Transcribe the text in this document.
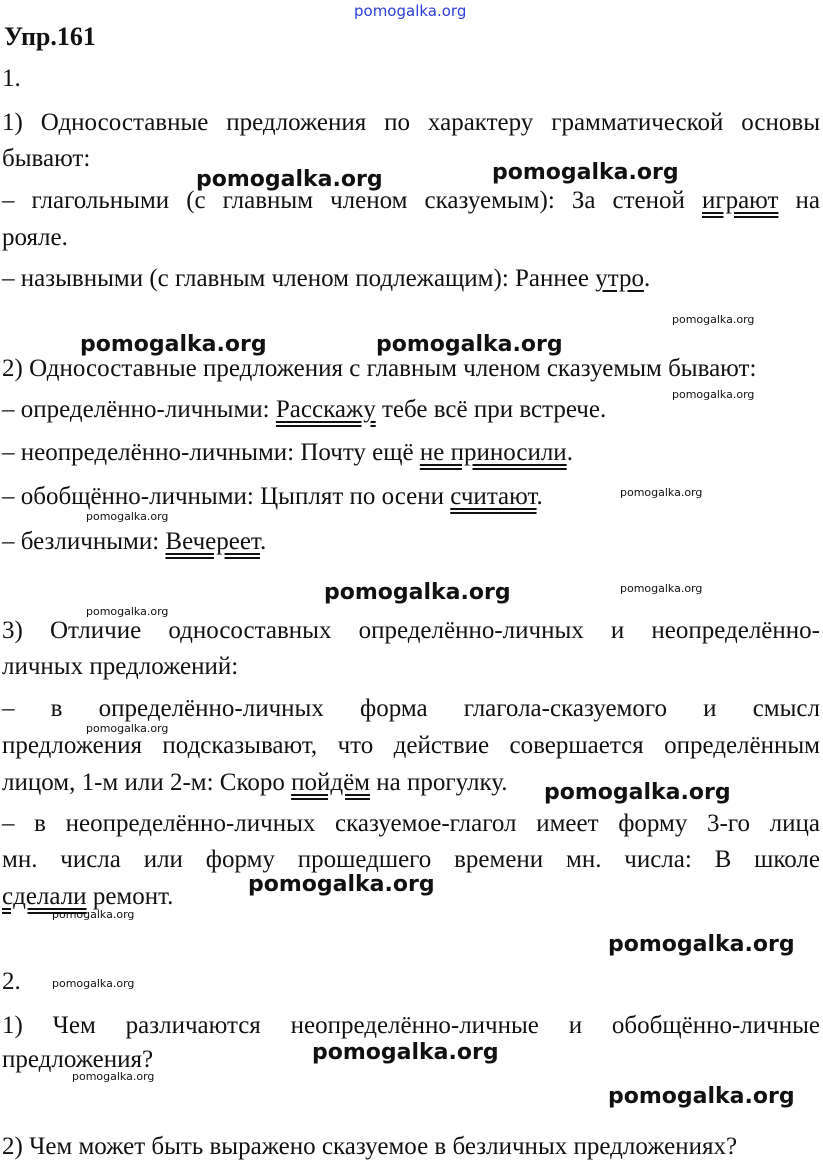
pomogalka.org
Упр.161
1.
1) Односоставные предложения по характеру грамматической основы
бывают:
– глагольными (с главным членом сказуемым): За стеной играют на
рояле.
– назывными (с главным членом подлежащим): Раннее утро.
2) Односоставные предложения с главным членом сказуемым бывают:
– определённо-личными: Расскажу тебе всё при встрече.
– неопределённо-личными: Почту ещё не приносили.
– обобщённо-личными: Цыплят по осени считают.
– безличными: Вечереет.
3) Отличие односоставных определённо-личных и неопределённо-
личных предложений:
– в определённо-личных форма глагола-сказуемого и смысл
предложения подсказывают, что действие совершается определённым
лицом, 1-м или 2-м: Скоро пойдём на прогулку.
– в неопределённо-личных сказуемое-глагол имеет форму 3-го лица
мн. числа или форму прошедшего времени мн. числа: В школе
сделали ремонт.
2.
1) Чем различаются неопределённо-личные и обобщённо-личные
предложения?
2) Чем может быть выражено сказуемое в безличных предложениях?
pomogalka.org	pomogalka.org
pomogalka.org
pomogalka.org	pomogalka.org
pomogalka.org
pomogalka.org
pomogalka.org
pomogalka.org	pomogalka.org
pomogalka.org
pomogalka.org
pomogalka.org
pomogalka.org
pomogalka.org
pomogalka.org
pomogalka.org
pomogalka.org
pomogalka.org
pomogalka.org
